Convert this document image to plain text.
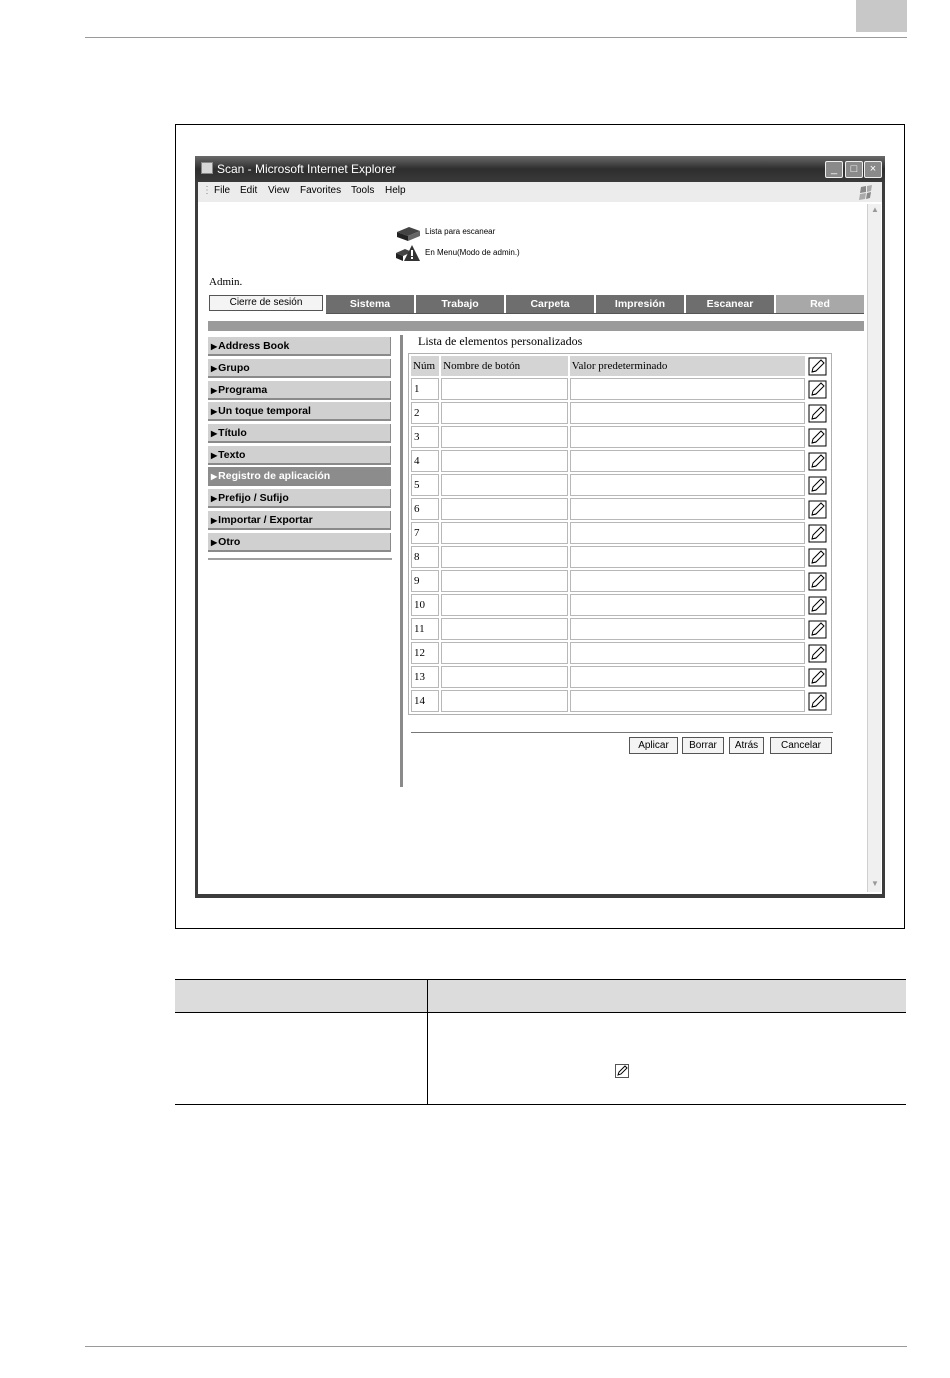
Scan - Microsoft Internet Explorer	_	□	×
⋮ File Edit View Favorites Tools Help
▲
▼
Lista para escanear
En Menu(Modo de admin.)
Admin.
Cierre de sesión	Sistema	Trabajo	Carpeta	Impresión	Escanear	Red
▶Address Book
▶Grupo
▶Programa
▶Un toque temporal
▶Título
▶Texto
▶Registro de aplicación
▶Prefijo / Sufijo
▶Importar / Exportar
▶Otro
Lista de elementos personalizados
Núm	Nombre de botón	Valor predeterminado	

1			

2			

3			

4			

5			

6			

7			

8			

9			

10			

11			

12			

13			

14			
Aplicar	Borrar	Atrás	Cancelar
